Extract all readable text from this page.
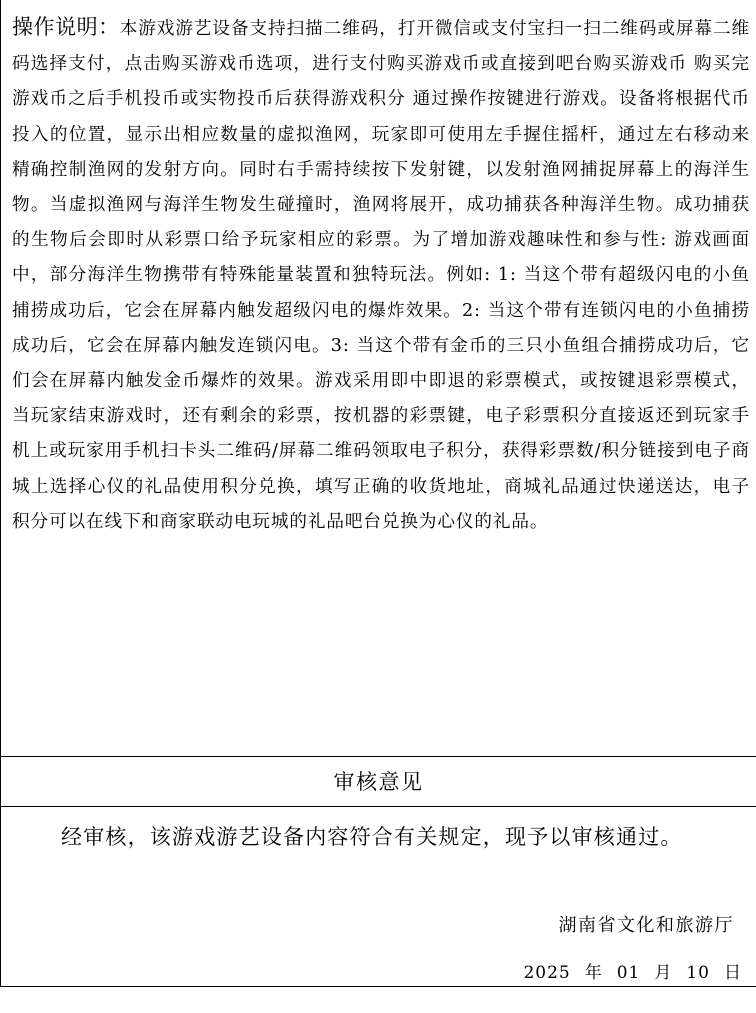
操作说明：本游戏游艺设备支持扫描二维码，打开微信或支付宝扫一扫二维码或屏幕二维码选择支付，点击购买游戏币选项，进行支付购买游戏币或直接到吧台购买游戏币 购买完游戏币之后手机投币或实物投币后获得游戏积分 通过操作按键进行游戏。设备将根据代币投入的位置，显示出相应数量的虚拟渔网，玩家即可使用左手握住摇杆，通过左右移动来精确控制渔网的发射方向。同时右手需持续按下发射键，以发射渔网捕捉屏幕上的海洋生物。当虚拟渔网与海洋生物发生碰撞时，渔网将展开，成功捕获各种海洋生物。成功捕获的生物后会即时从彩票口给予玩家相应的彩票。为了增加游戏趣味性和参与性: 游戏画面中，部分海洋生物携带有特殊能量装置和独特玩法。例如: 1: 当这个带有超级闪电的小鱼捕捞成功后，它会在屏幕内触发超级闪电的爆炸效果。2: 当这个带有连锁闪电的小鱼捕捞成功后，它会在屏幕内触发连锁闪电。3: 当这个带有金币的三只小鱼组合捕捞成功后，它们会在屏幕内触发金币爆炸的效果。游戏采用即中即退的彩票模式，或按键退彩票模式，当玩家结束游戏时，还有剩余的彩票，按机器的彩票键，电子彩票积分直接返还到玩家手机上或玩家用手机扫卡头二维码/屏幕二维码领取电子积分，获得彩票数/积分链接到电子商城上选择心仪的礼品使用积分兑换，填写正确的收货地址，商城礼品通过快递送达，电子积分可以在线下和商家联动电玩城的礼品吧台兑换为心仪的礼品。
审核意见
经审核，该游戏游艺设备内容符合有关规定，现予以审核通过。
湖南省文化和旅游厅
2025 年 01 月 10 日
